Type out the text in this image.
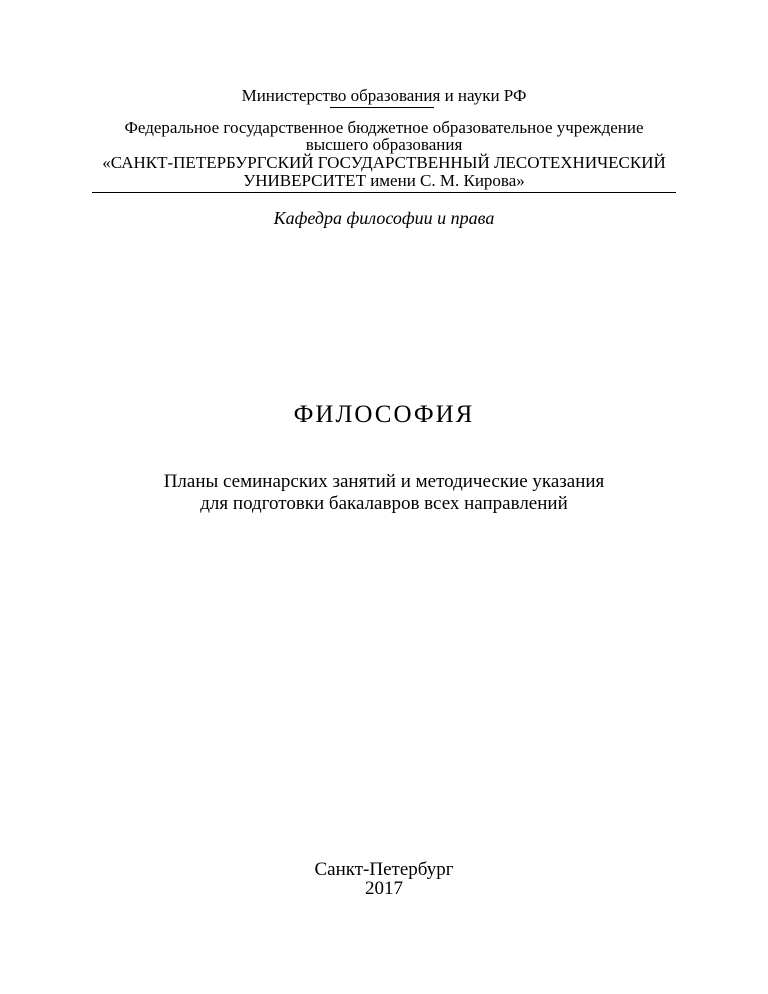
Министерство образования и науки РФ
Федеральное государственное бюджетное образовательное учреждение
высшего образования
«САНКТ-ПЕТЕРБУРГСКИЙ ГОСУДАРСТВЕННЫЙ ЛЕСОТЕХНИЧЕСКИЙ
УНИВЕРСИТЕТ имени С. М. Кирова»
Кафедра философии и права
ФИЛОСОФИЯ
Планы семинарских занятий и методические указания
для подготовки бакалавров всех направлений
Санкт-Петербург
2017
